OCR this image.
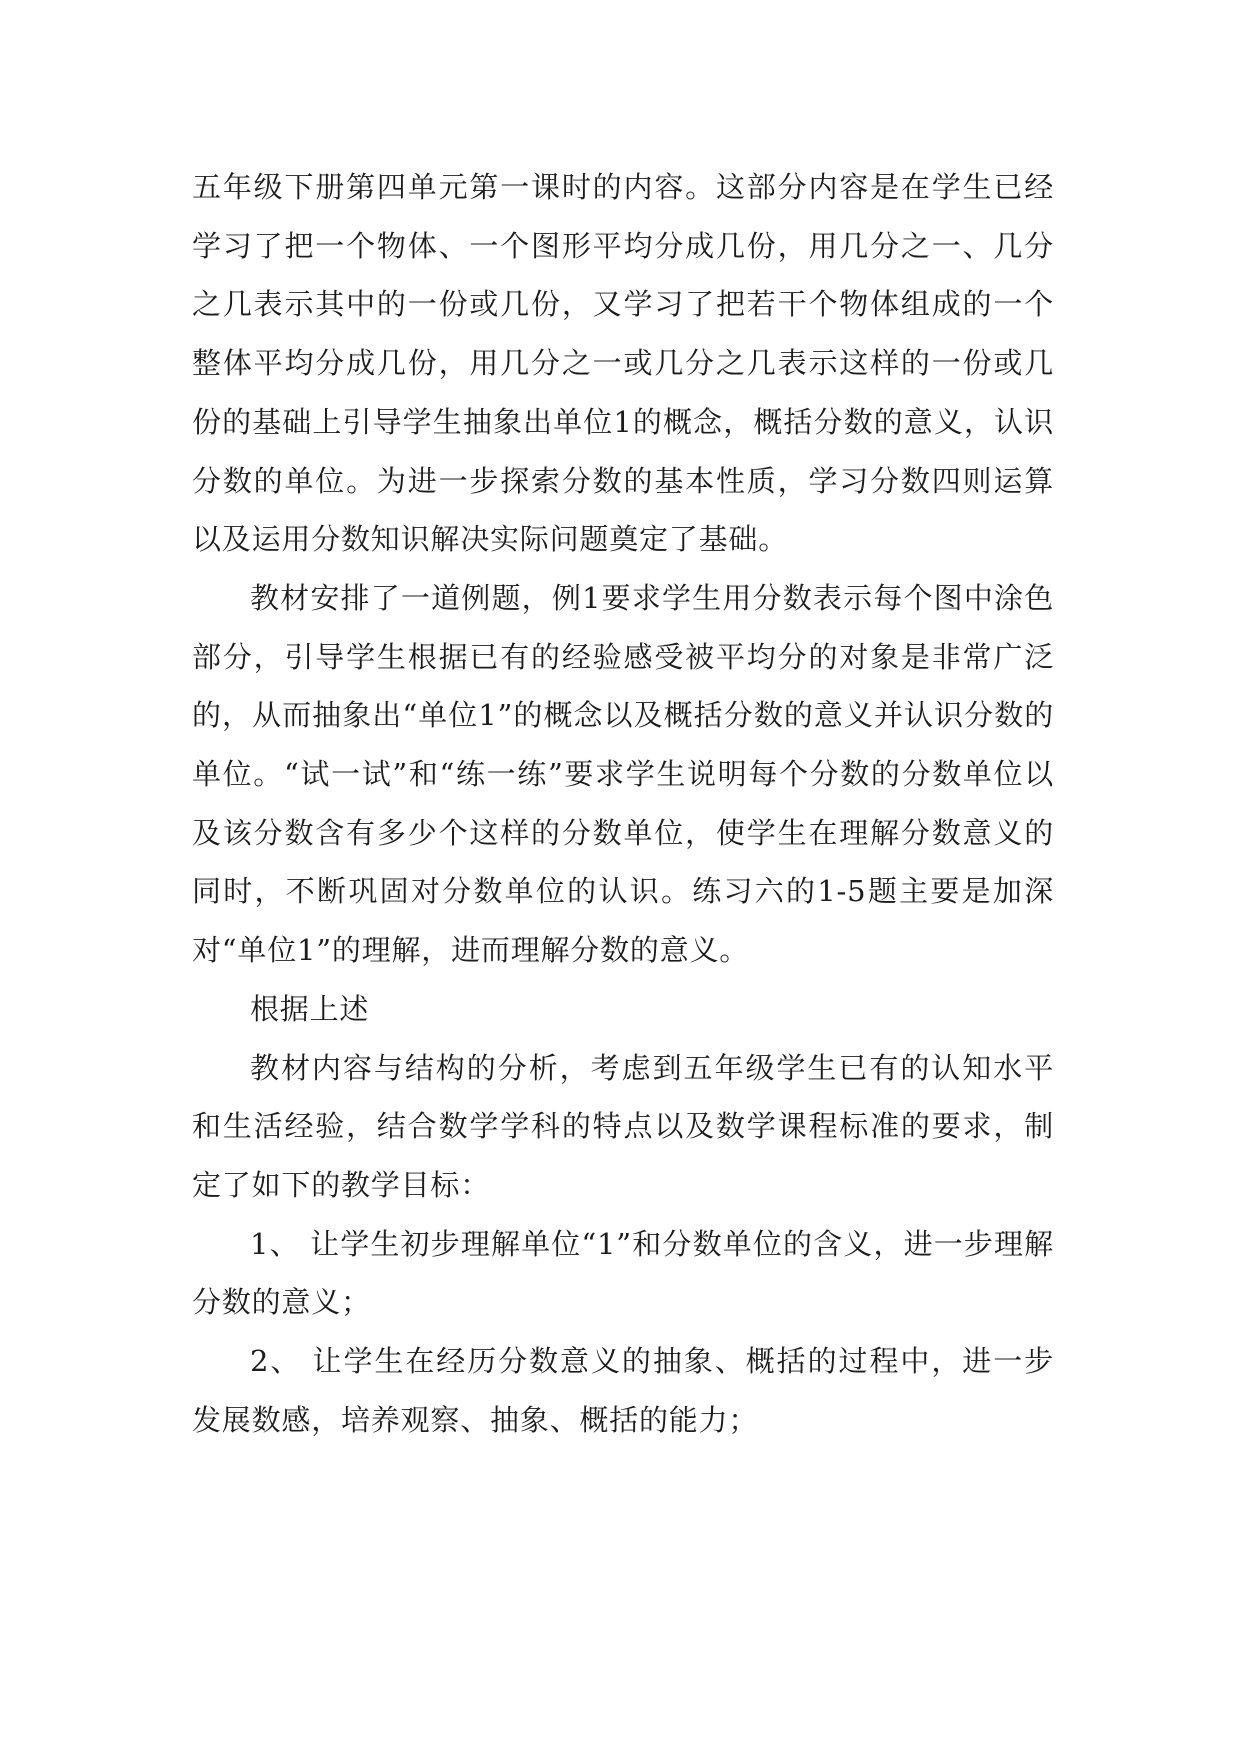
五年级下册第四单元第一课时的内容。这部分内容是在学生已经学习了把一个物体、一个图形平均分成几份，用几分之一、几分之几表示其中的一份或几份，又学习了把若干个物体组成的一个整体平均分成几份，用几分之一或几分之几表示这样的一份或几份的基础上引导学生抽象出单位1的概念，概括分数的意义，认识分数的单位。为进一步探索分数的基本性质，学习分数四则运算以及运用分数知识解决实际问题奠定了基础。

教材安排了一道例题，例1要求学生用分数表示每个图中涂色部分，引导学生根据已有的经验感受被平均分的对象是非常广泛的，从而抽象出“单位1”的概念以及概括分数的意义并认识分数的单位。“试一试”和“练一练”要求学生说明每个分数的分数单位以及该分数含有多少个这样的分数单位，使学生在理解分数意义的同时，不断巩固对分数单位的认识。练习六的1-5题主要是加深对“单位1”的理解，进而理解分数的意义。

根据上述

教材内容与结构的分析，考虑到五年级学生已有的认知水平和生活经验，结合数学学科的特点以及数学课程标准的要求，制定了如下的教学目标：

1、 让学生初步理解单位“1”和分数单位的含义，进一步理解分数的意义；

2、 让学生在经历分数意义的抽象、概括的过程中，进一步发展数感，培养观察、抽象、概括的能力；
